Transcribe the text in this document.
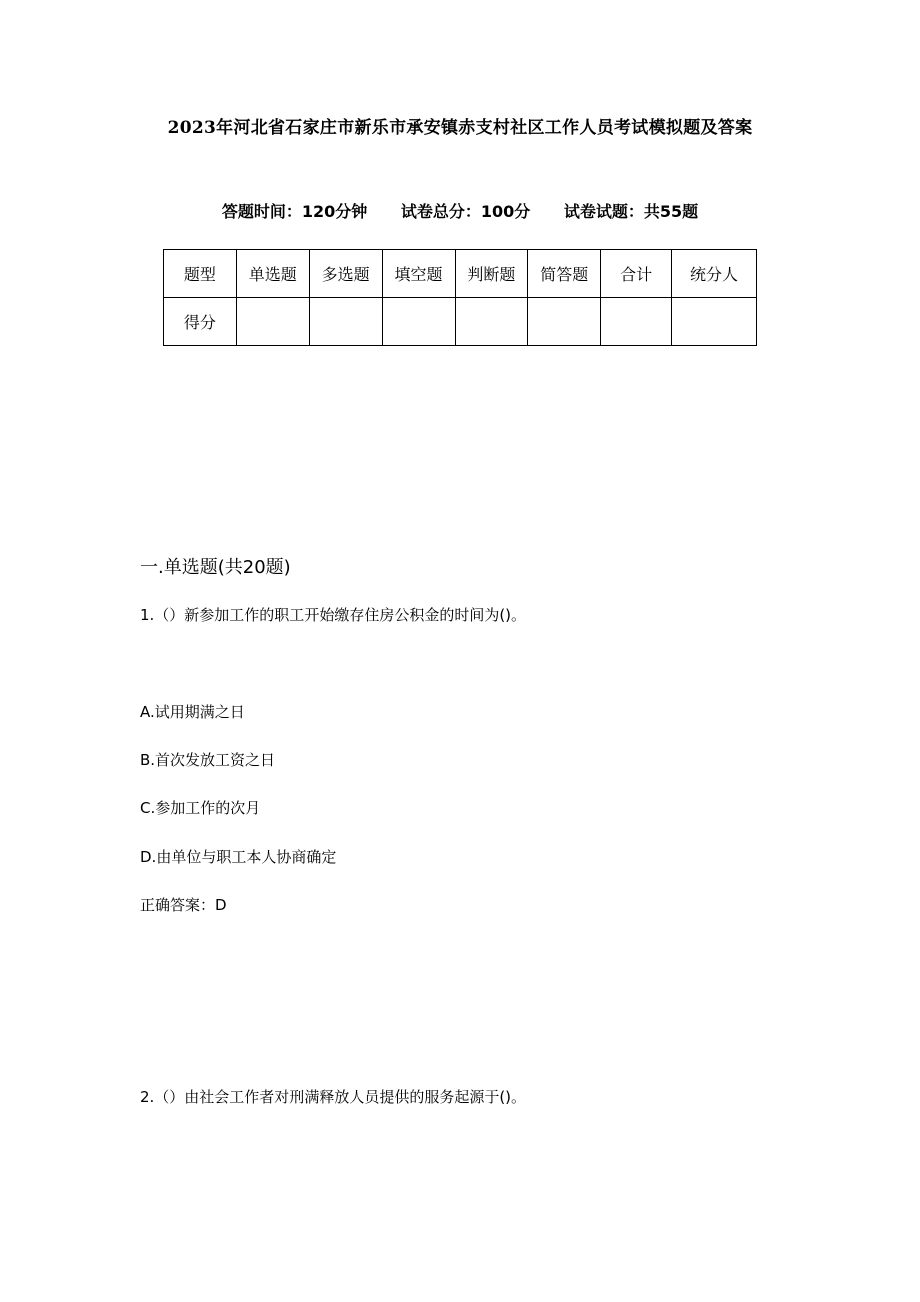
2023年河北省石家庄市新乐市承安镇赤支村社区工作人员考试模拟题及答案
答题时间：120分钟 试卷总分：100分 试卷试题：共55题
题型	单选题	多选题	填空题	判断题	简答题	合计	统分人
得分							
一.单选题(共20题)
1.（）新参加工作的职工开始缴存住房公积金的时间为()。
A.试用期满之日
B.首次发放工资之日
C.参加工作的次月
D.由单位与职工本人协商确定
正确答案：D
2.（）由社会工作者对刑满释放人员提供的服务起源于()。
